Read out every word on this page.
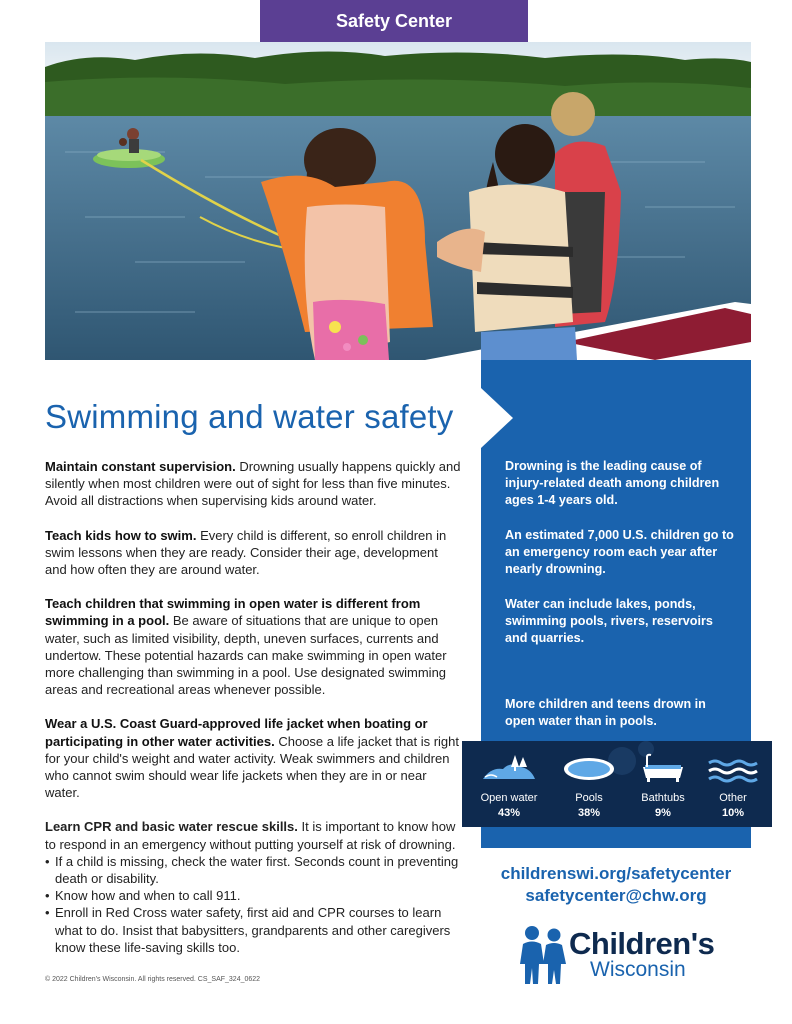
Safety Center
Swimming and water safety

Maintain constant supervision. Drowning usually happens quickly and silently when most children were out of sight for less than five minutes. Avoid all distractions when supervising kids around water.

Teach kids how to swim. Every child is different, so enroll children in swim lessons when they are ready. Consider their age, development and how often they are around water.

Teach children that swimming in open water is different from swimming in a pool. Be aware of situations that are unique to open water, such as limited visibility, depth, uneven surfaces, currents and undertow. These potential hazards can make swimming in open water more challenging than swimming in a pool. Use designated swimming areas and recreational areas whenever possible.

Wear a U.S. Coast Guard-approved life jacket when boating or participating in other water activities. Choose a life jacket that is right for your child's weight and water activity. Weak swimmers and children who cannot swim should wear life jackets when they are in or near water.

Learn CPR and basic water rescue skills. It is important to know how to respond in an emergency without putting yourself at risk of drowning.

• If a child is missing, check the water first. Seconds count in preventing death or disability.
• Know how and when to call 911.
• Enroll in Red Cross water safety, first aid and CPR courses to learn what to do. Insist that babysitters, grandparents and other caregivers know these life-saving skills too.

Drowning is the leading cause of injury-related death among children ages 1-4 years old.

An estimated 7,000 U.S. children go to an emergency room each year after nearly drowning.

Water can include lakes, ponds, swimming pools, rivers, reservoirs and quarries.

More children and teens drown in open water than in pools.

Open water
43%
Pools
38%
Bathtubs
9%
Other
10%
childrenswi.org/safetycenter
safetycenter@chw.org
Children's
Wisconsin
© 2022 Children's Wisconsin. All rights reserved. CS_SAF_324_0622
